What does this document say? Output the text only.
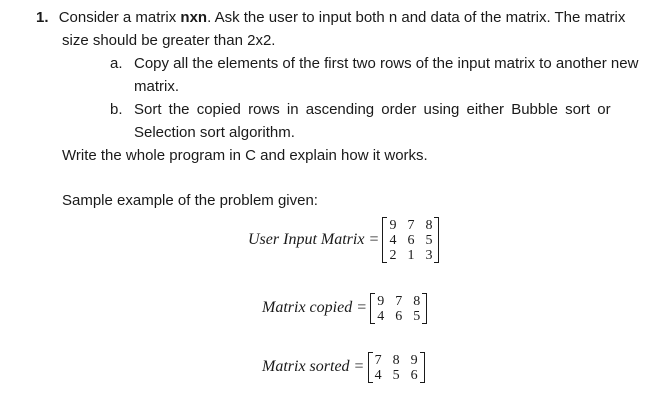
1. Consider a matrix nxn. Ask the user to input both n and data of the matrix. The matrix
size should be greater than 2x2.
a. Copy all the elements of the first two rows of the input matrix to another new
matrix.
b. Sort the copied rows in ascending order using either Bubble sort or
Selection sort algorithm.
Write the whole program in C and explain how it works.
Sample example of the problem given:
User Input Matrix =
9 7 8
4 6 5
2 1 3
Matrix copied = 9 7 8
4 6 5
Matrix sorted = 7 8 9
4 5 6
